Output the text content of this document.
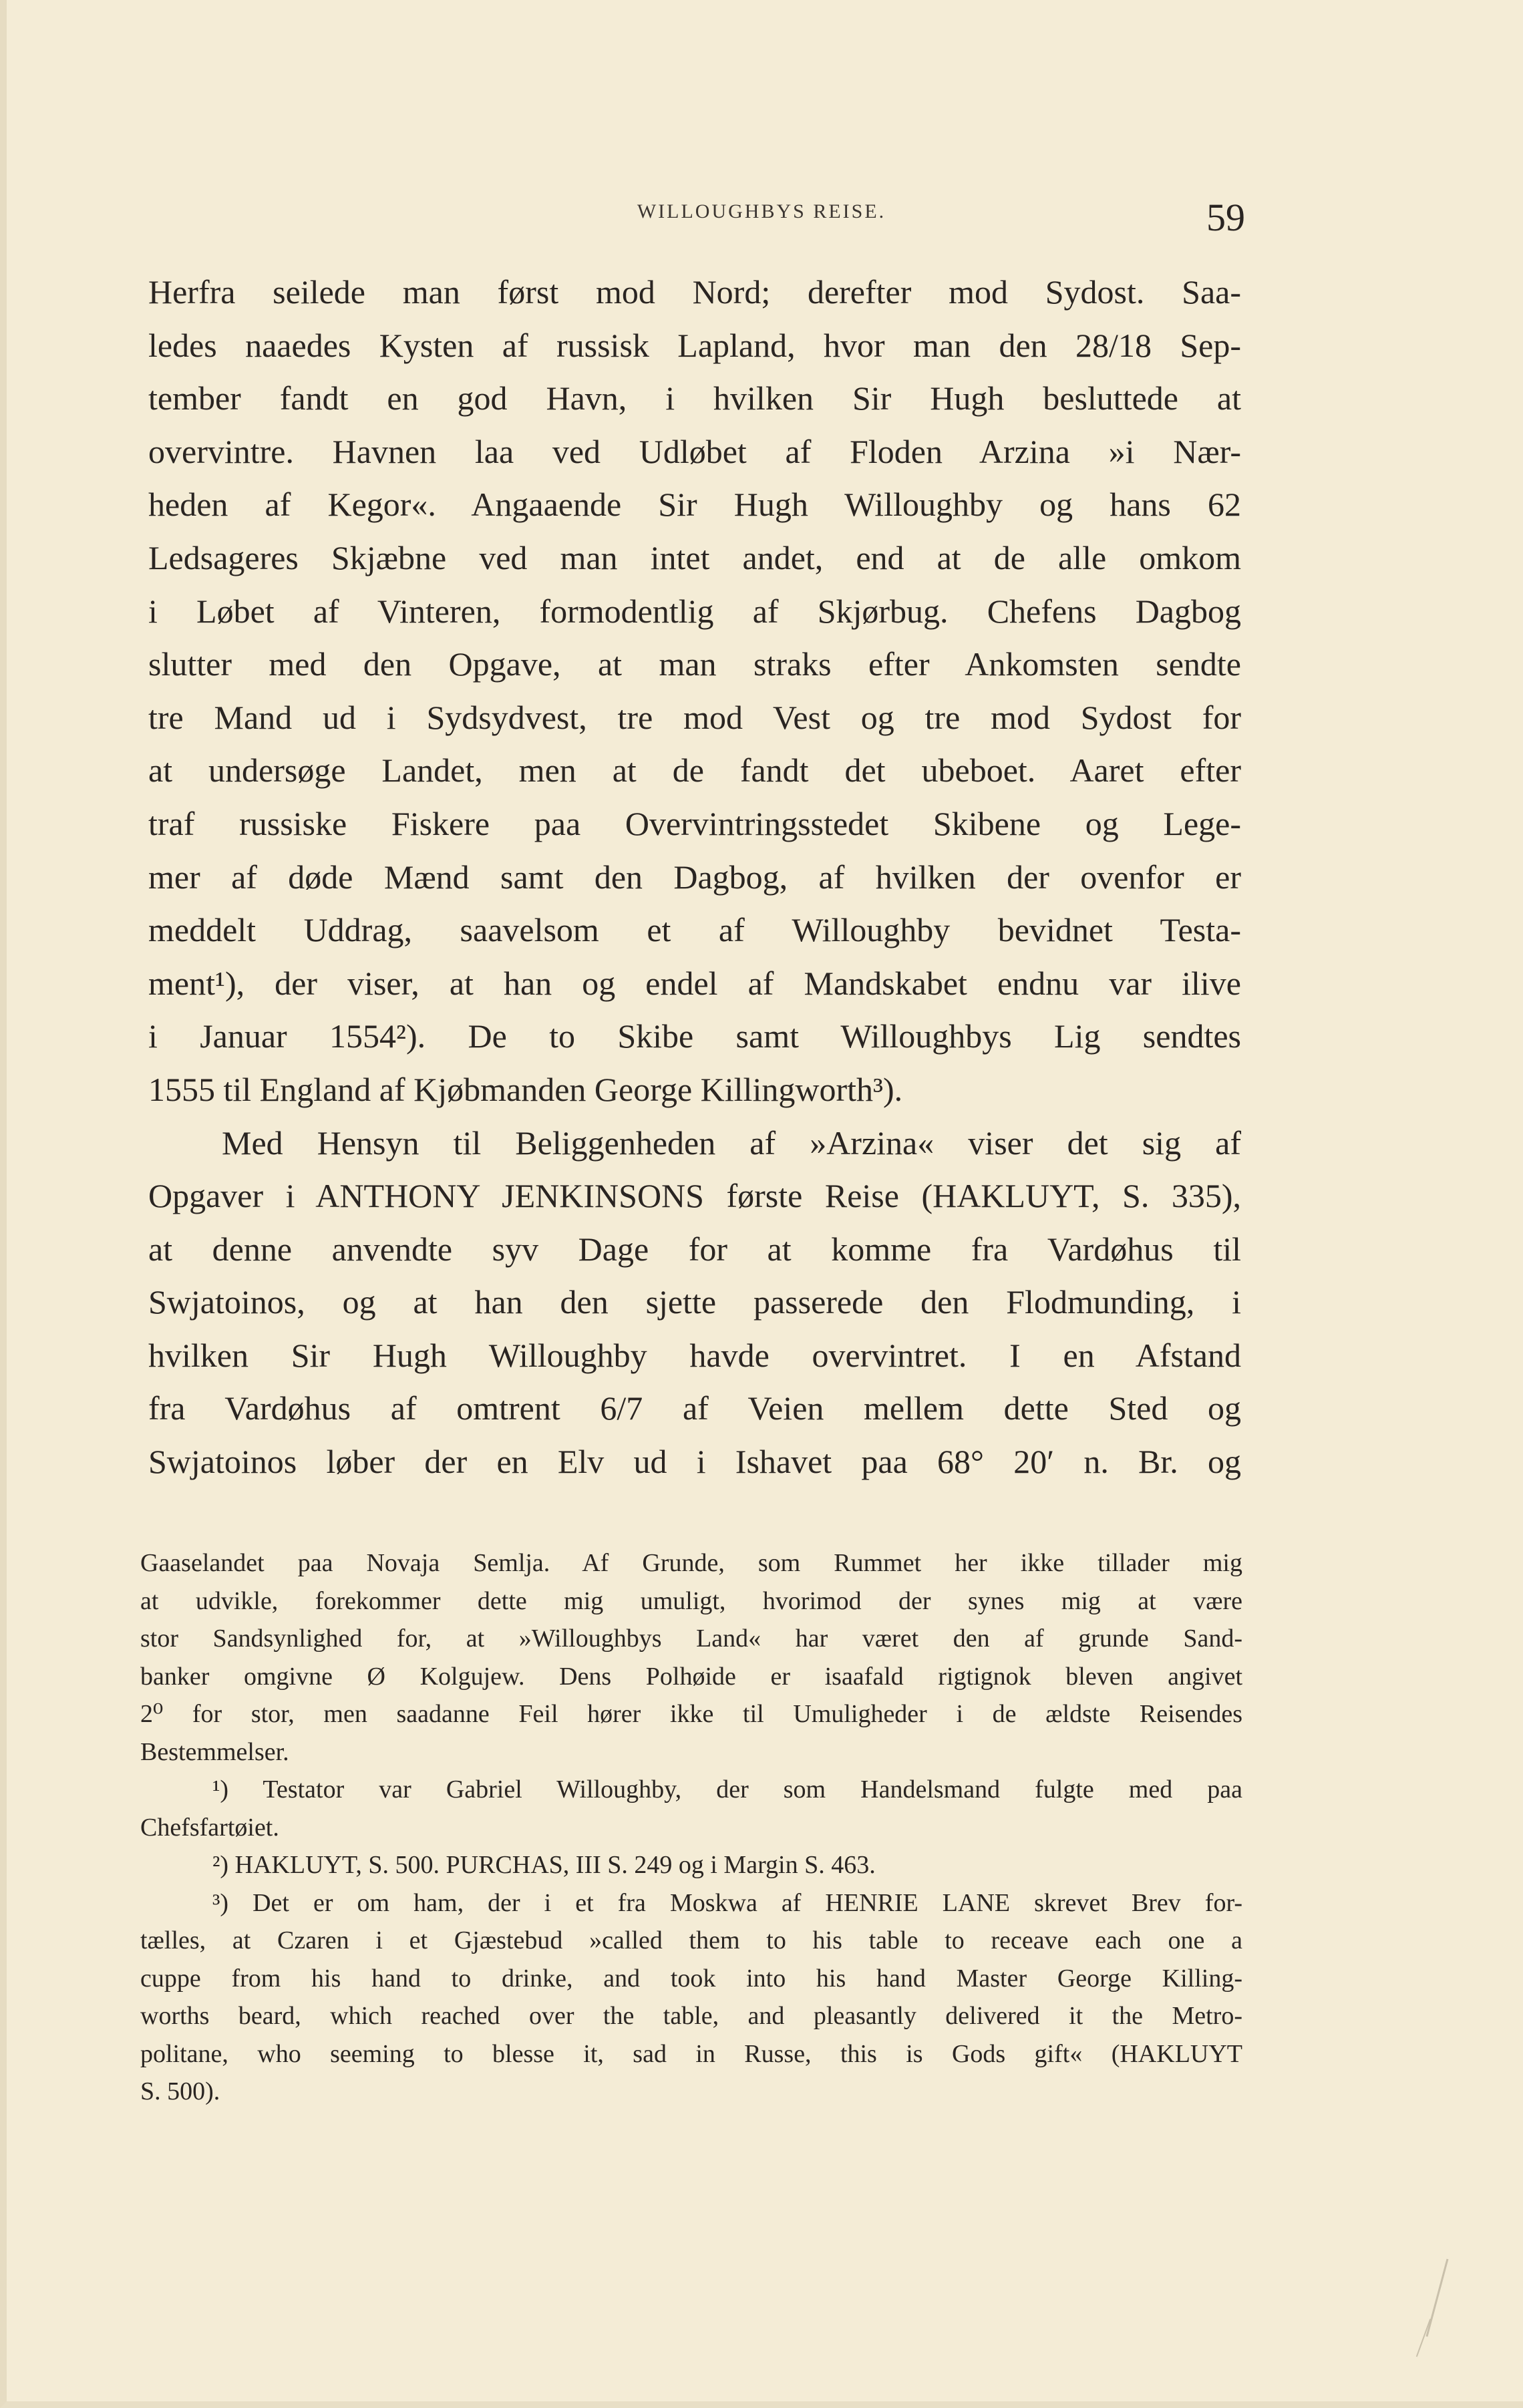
WILLOUGHBYS REISE.	59
Herfra seilede man først mod Nord; derefter mod Sydost. Saa-
ledes naaedes Kysten af russisk Lapland, hvor man den 28/18 Sep-
tember fandt en god Havn, i hvilken Sir Hugh besluttede at
overvintre. Havnen laa ved Udløbet af Floden Arzina »i Nær-
heden af Kegor«. Angaaende Sir Hugh Willoughby og hans 62
Ledsageres Skjæbne ved man intet andet, end at de alle omkom
i Løbet af Vinteren, formodentlig af Skjørbug. Chefens Dagbog
slutter med den Opgave, at man straks efter Ankomsten sendte
tre Mand ud i Sydsydvest, tre mod Vest og tre mod Sydost for
at undersøge Landet, men at de fandt det ubeboet. Aaret efter
traf russiske Fiskere paa Overvintringsstedet Skibene og Lege-
mer af døde Mænd samt den Dagbog, af hvilken der ovenfor er
meddelt Uddrag, saavelsom et af Willoughby bevidnet Testa-
ment¹), der viser, at han og endel af Mandskabet endnu var ilive
i Januar 1554²). De to Skibe samt Willoughbys Lig sendtes
1555 til England af Kjøbmanden George Killingworth³).
Med Hensyn til Beliggenheden af »Arzina« viser det sig af
Opgaver i ANTHONY JENKINSONS første Reise (HAKLUYT, S. 335),
at denne anvendte syv Dage for at komme fra Vardøhus til
Swjatoinos, og at han den sjette passerede den Flodmunding, i
hvilken Sir Hugh Willoughby havde overvintret. I en Afstand
fra Vardøhus af omtrent 6/7 af Veien mellem dette Sted og
Swjatoinos løber der en Elv ud i Ishavet paa 68° 20′ n. Br. og
Gaaselandet paa Novaja Semlja. Af Grunde, som Rummet her ikke tillader mig
at udvikle, forekommer dette mig umuligt, hvorimod der synes mig at være
stor Sandsynlighed for, at »Willoughbys Land« har været den af grunde Sand-
banker omgivne Ø Kolgujew. Dens Polhøide er isaafald rigtignok bleven angivet
2⁰ for stor, men saadanne Feil hører ikke til Umuligheder i de ældste Reisendes
Bestemmelser.
¹) Testator var Gabriel Willoughby, der som Handelsmand fulgte med paa
Chefsfartøiet.
²) HAKLUYT, S. 500. PURCHAS, III S. 249 og i Margin S. 463.
³) Det er om ham, der i et fra Moskwa af HENRIE LANE skrevet Brev for-
tælles, at Czaren i et Gjæstebud »called them to his table to receave each one a
cuppe from his hand to drinke, and took into his hand Master George Killing-
worths beard, which reached over the table, and pleasantly delivered it the Metro-
politane, who seeming to blesse it, sad in Russe, this is Gods gift« (HAKLUYT
S. 500).
